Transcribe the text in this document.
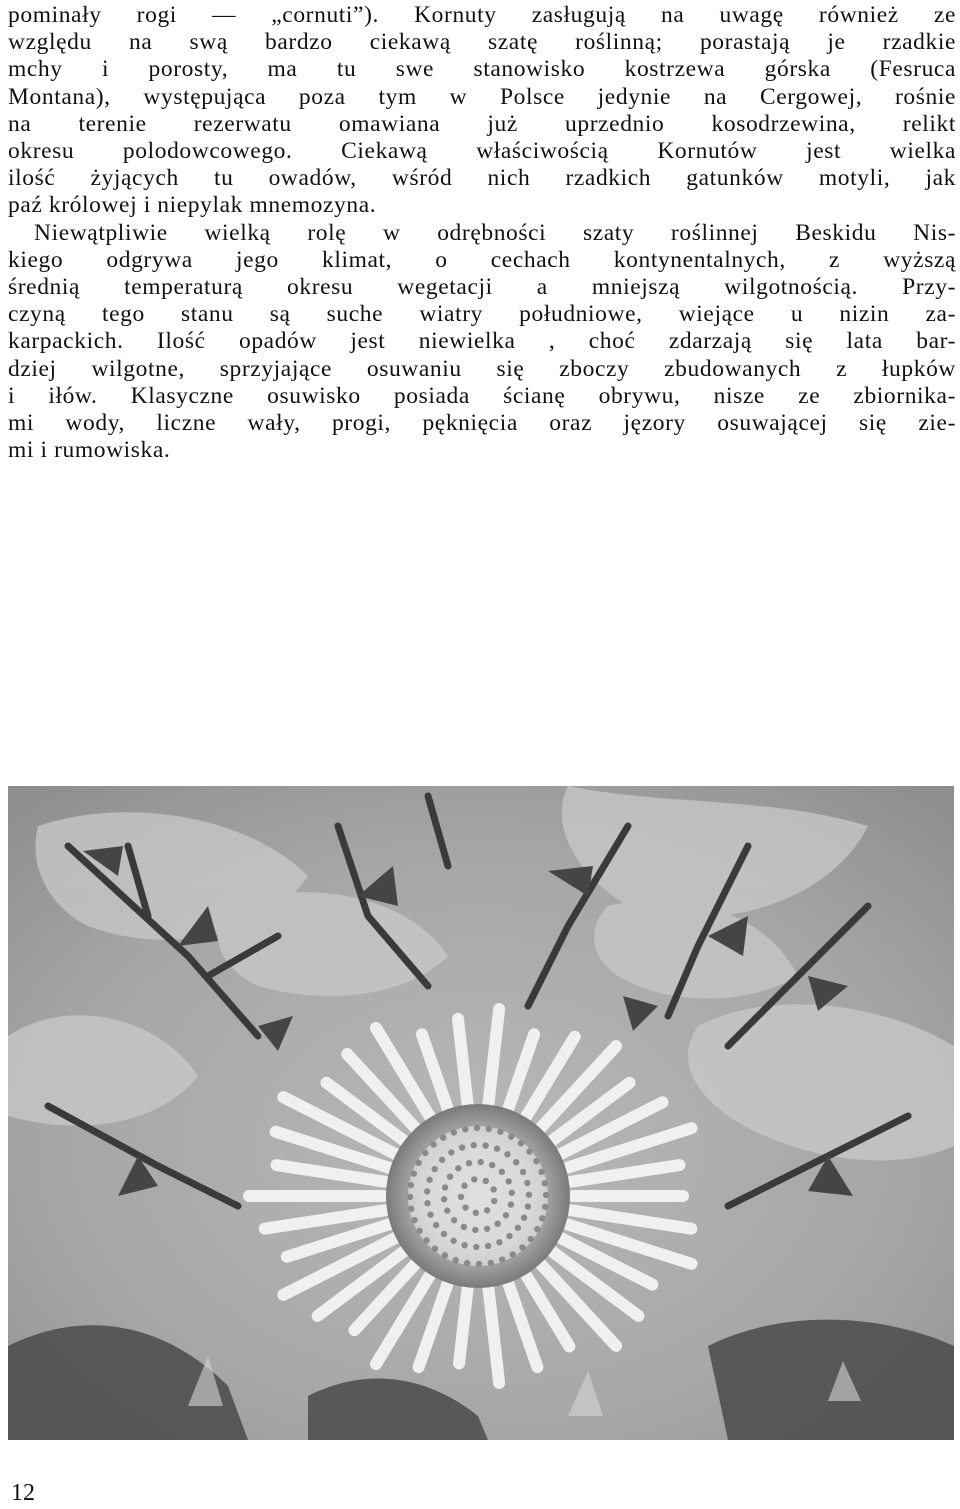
pominały rogi — „cornuti”). Kornuty zasługują na uwagę również ze
względu na swą bardzo ciekawą szatę roślinną; porastają je rzadkie
mchy i porosty, ma tu swe stanowisko kostrzewa górska (Fesruca
Montana), występująca poza tym w Polsce jedynie na Cergowej, rośnie
na terenie rezerwatu omawiana już uprzednio kosodrzewina, relikt
okresu polodowcowego. Ciekawą właściwością Kornutów jest wielka
ilość żyjących tu owadów, wśród nich rzadkich gatunków motyli, jak
paź królowej i niepylak mnemozyna.
Niewątpliwie wielką rolę w odrębności szaty roślinnej Beskidu Nis-
kiego odgrywa jego klimat, o cechach kontynentalnych, z wyższą
średnią temperaturą okresu wegetacji a mniejszą wilgotnością. Przy-
czyną tego stanu są suche wiatry południowe, wiejące u nizin za-
karpackich. Ilość opadów jest niewielka , choć zdarzają się lata bar-
dziej wilgotne, sprzyjające osuwaniu się zboczy zbudowanych z łupków
i iłów. Klasyczne osuwisko posiada ścianę obrywu, nisze ze zbiornika-
mi wody, liczne wały, progi, pęknięcia oraz jęzory osuwającej się zie-
mi i rumowiska.
12
